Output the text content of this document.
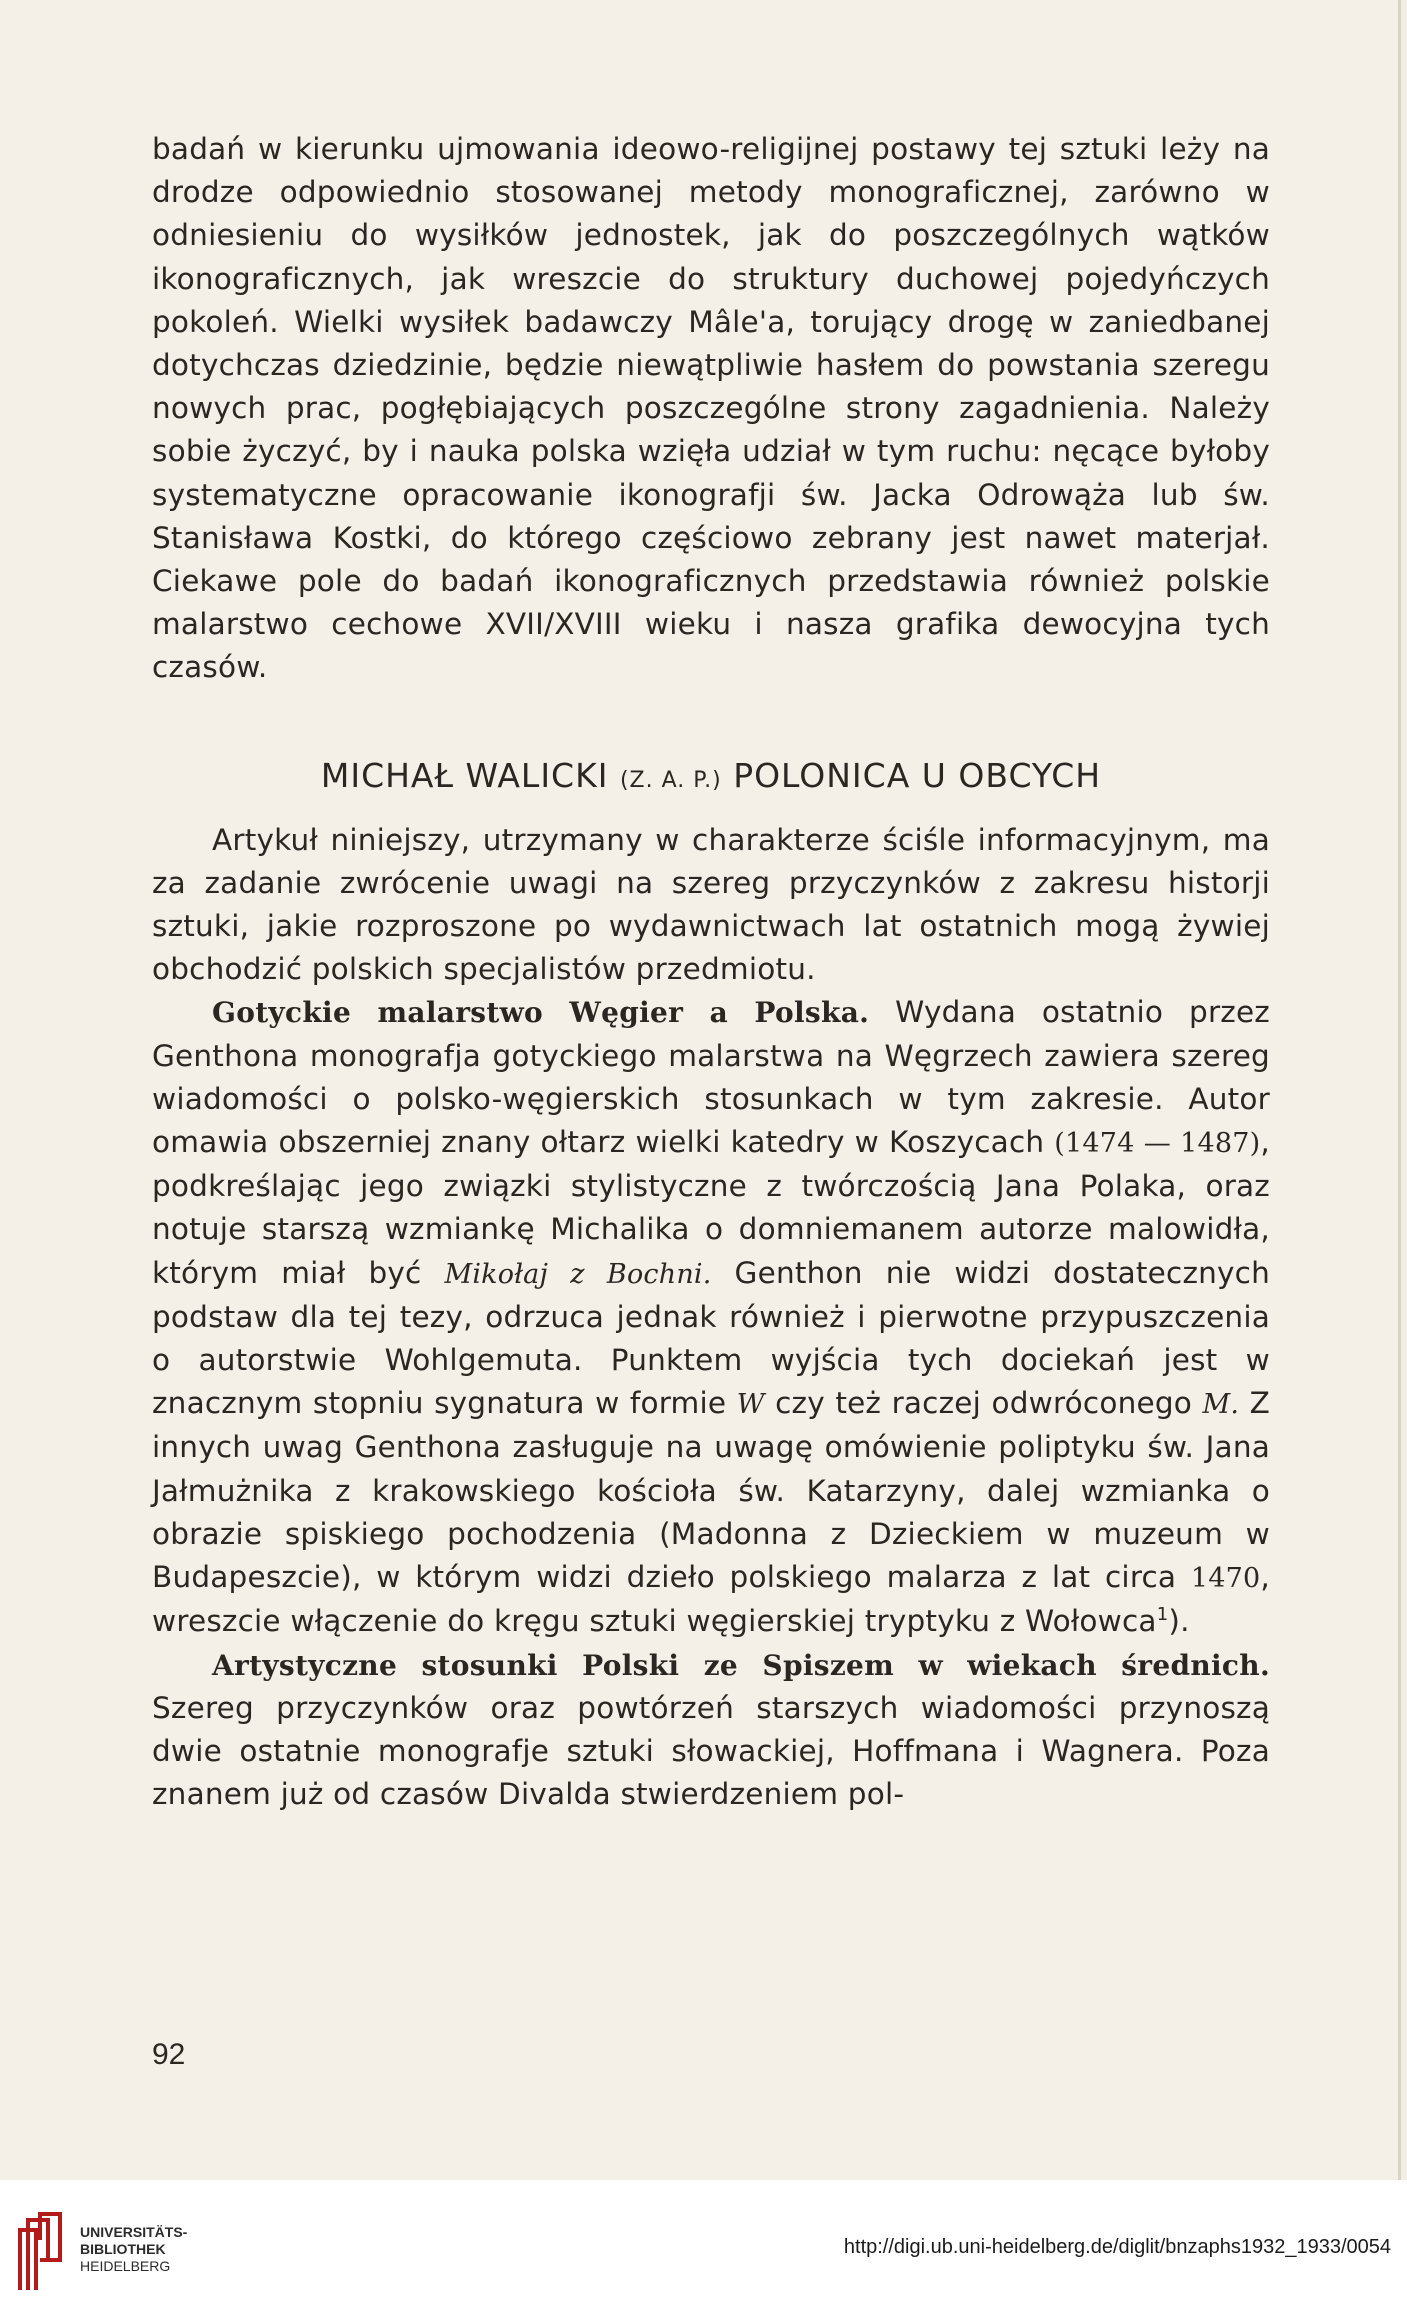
badań w kierunku ujmowania ideowo-religijnej postawy tej sztuki leży na drodze odpowiednio stosowanej metody monograficznej, zarówno w odniesieniu do wysiłków jednostek, jak do poszczególnych wątków ikonograficznych, jak wreszcie do struktury duchowej pojedyńczych pokoleń. Wielki wysiłek badawczy Mâle'a, torujący drogę w zaniedbanej dotychczas dziedzinie, będzie niewątpliwie hasłem do powstania szeregu nowych prac, pogłębiających poszczególne strony zagadnienia. Należy sobie życzyć, by i nauka polska wzięła udział w tym ruchu: nęcące byłoby systematyczne opracowanie ikonografji św. Jacka Odrowąża lub św. Stanisława Kostki, do którego częściowo zebrany jest nawet materjał. Ciekawe pole do badań ikonograficznych przedstawia również polskie malarstwo cechowe XVII/XVIII wieku i nasza grafika dewocyjna tych czasów.

MICHAŁ WALICKI (Z. A. P.) POLONICA U OBCYCH

Artykuł niniejszy, utrzymany w charakterze ściśle informacyjnym, ma za zadanie zwrócenie uwagi na szereg przyczynków z zakresu historji sztuki, jakie rozproszone po wydawnictwach lat ostatnich mogą żywiej obchodzić polskich specjalistów przedmiotu.

Gotyckie malarstwo Węgier a Polska. Wydana ostatnio przez Genthona monografja gotyckiego malarstwa na Węgrzech zawiera szereg wiadomości o polsko-węgierskich stosunkach w tym zakresie. Autor omawia obszerniej znany ołtarz wielki katedry w Koszycach (1474 — 1487), podkreślając jego związki stylistyczne z twórczością Jana Polaka, oraz notuje starszą wzmiankę Michalika o domniemanem autorze malowidła, którym miał być Mikołaj z Bochni. Genthon nie widzi dostatecznych podstaw dla tej tezy, odrzuca jednak również i pierwotne przypuszczenia o autorstwie Wohlgemuta. Punktem wyjścia tych dociekań jest w znacznym stopniu sygnatura w formie W czy też raczej odwróconego M. Z innych uwag Genthona zasługuje na uwagę omówienie poliptyku św. Jana Jałmużnika z krakowskiego kościoła św. Katarzyny, dalej wzmianka o obrazie spiskiego pochodzenia (Madonna z Dzieckiem w muzeum w Budapeszcie), w którym widzi dzieło polskiego malarza z lat circa 1470, wreszcie włączenie do kręgu sztuki węgierskiej tryptyku z Wołowca$^1$).

Artystyczne stosunki Polski ze Spiszem w wiekach średnich. Szereg przyczynków oraz powtórzeń starszych wiadomości przynoszą dwie ostatnie monografje sztuki słowackiej, Hoffmana i Wagnera. Poza znanem już od czasów Divalda stwierdzeniem pol-

92
UNIVERSITÄTS-
BIBLIOTHEK
HEIDELBERG
http://digi.ub.uni-heidelberg.de/diglit/bnzaphs1932_1933/0054
